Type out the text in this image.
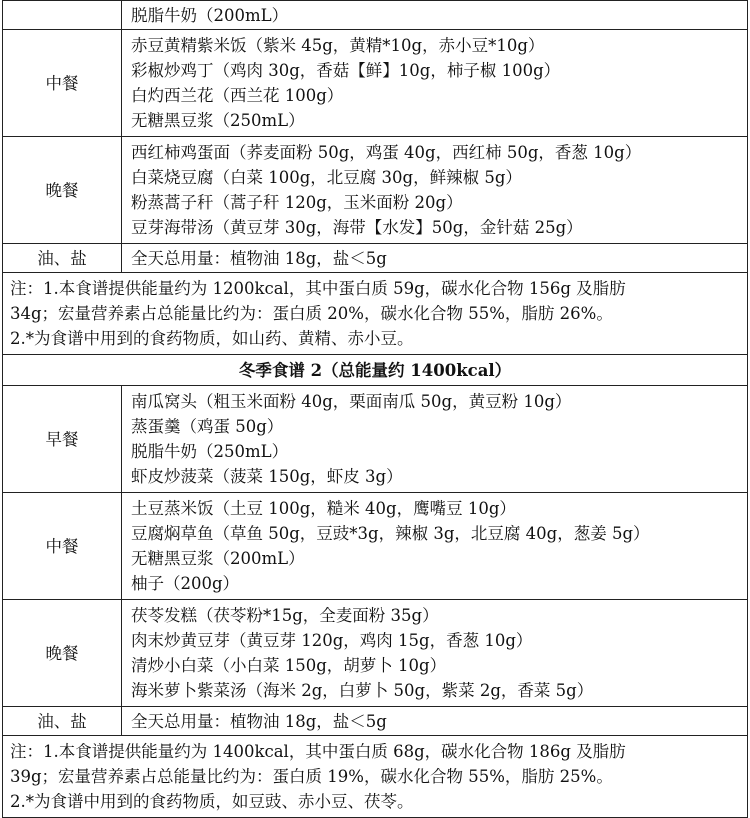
	脱脂牛奶（200mL）

中餐	赤豆黄精紫米饭（紫米 45g，黄精*10g，赤小豆*10g）
彩椒炒鸡丁（鸡肉 30g，香菇【鲜】10g，柿子椒 100g）
白灼西兰花（西兰花 100g）
无糖黑豆浆（250mL）

晚餐	西红柿鸡蛋面（荞麦面粉 50g，鸡蛋 40g，西红柿 50g，香葱 10g）
白菜烧豆腐（白菜 100g，北豆腐 30g，鲜辣椒 5g）
粉蒸蒿子秆（蒿子秆 120g，玉米面粉 20g）
豆芽海带汤（黄豆芽 30g，海带【水发】50g，金针菇 25g）

油、盐	全天总用量：植物油 18g，盐＜5g

注：1.本食谱提供能量约为 1200kcal，其中蛋白质 59g，碳水化合物 156g 及脂肪
34g；宏量营养素占总能量比约为：蛋白质 20%，碳水化合物 55%，脂肪 26%。
2.*为食谱中用到的食药物质，如山药、黄精、赤小豆。	

冬季食谱 2（总能量约 1400kcal）	
早餐	南瓜窝头（粗玉米面粉 40g，栗面南瓜 50g，黄豆粉 10g）
蒸蛋羹（鸡蛋 50g）
脱脂牛奶（250mL）
虾皮炒菠菜（菠菜 150g，虾皮 3g）

中餐	土豆蒸米饭（土豆 100g，糙米 40g，鹰嘴豆 10g）
豆腐焖草鱼（草鱼 50g，豆豉*3g，辣椒 3g，北豆腐 40g，葱姜 5g）
无糖黑豆浆（200mL）
柚子（200g）

晚餐	茯苓发糕（茯苓粉*15g，全麦面粉 35g）
肉末炒黄豆芽（黄豆芽 120g，鸡肉 15g，香葱 10g）
清炒小白菜（小白菜 150g，胡萝卜 10g）
海米萝卜紫菜汤（海米 2g，白萝卜 50g，紫菜 2g，香菜 5g）

油、盐	全天总用量：植物油 18g，盐＜5g

注：1.本食谱提供能量约为 1400kcal，其中蛋白质 68g，碳水化合物 186g 及脂肪
39g；宏量营养素占总能量比约为：蛋白质 19%，碳水化合物 55%，脂肪 25%。
2.*为食谱中用到的食药物质，如豆豉、赤小豆、茯苓。	
